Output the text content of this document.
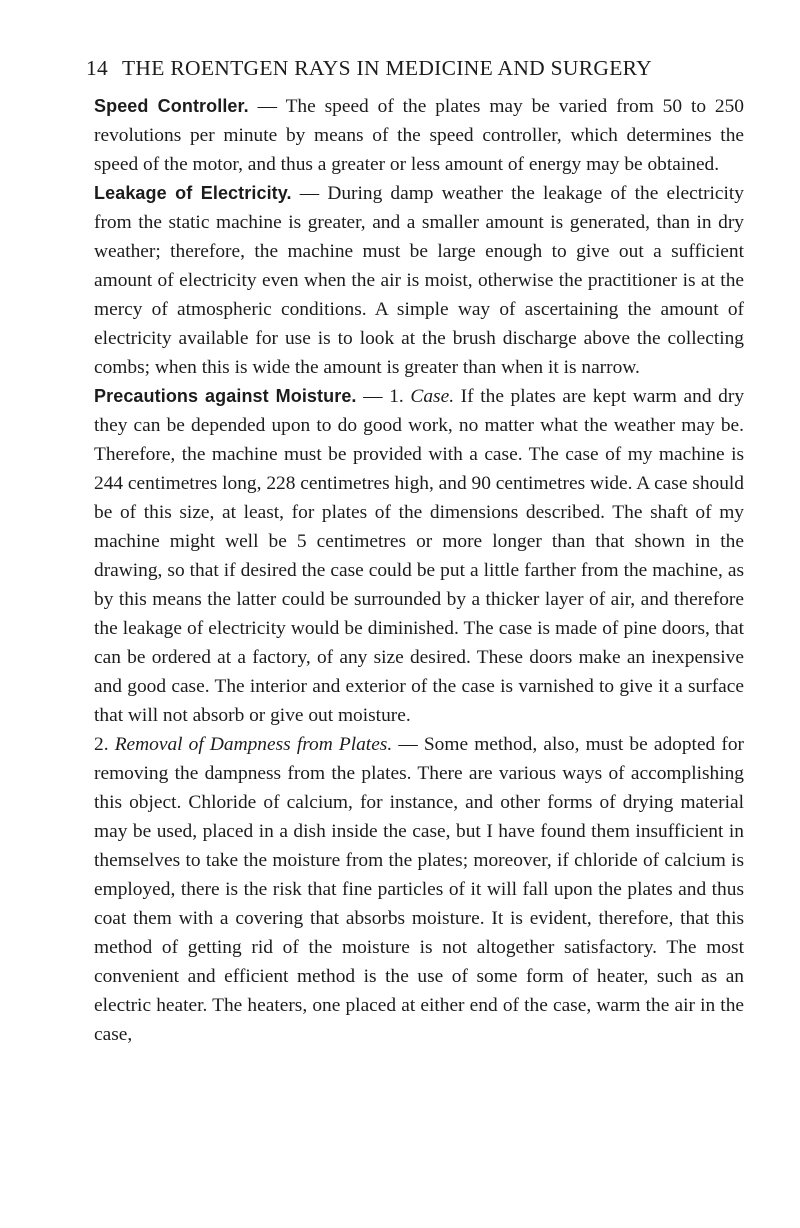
14 THE ROENTGEN RAYS IN MEDICINE AND SURGERY

Speed Controller. — The speed of the plates may be varied from 50 to 250 revolutions per minute by means of the speed controller, which determines the speed of the motor, and thus a greater or less amount of energy may be obtained.

Leakage of Electricity. — During damp weather the leakage of the electricity from the static machine is greater, and a smaller amount is generated, than in dry weather; therefore, the machine must be large enough to give out a sufficient amount of electricity even when the air is moist, otherwise the practitioner is at the mercy of atmospheric conditions. A simple way of ascertaining the amount of electricity available for use is to look at the brush discharge above the collecting combs; when this is wide the amount is greater than when it is narrow.

Precautions against Moisture. — 1. Case. If the plates are kept warm and dry they can be depended upon to do good work, no matter what the weather may be. Therefore, the machine must be provided with a case. The case of my machine is 244 centimetres long, 228 centimetres high, and 90 centimetres wide. A case should be of this size, at least, for plates of the dimensions described. The shaft of my machine might well be 5 centimetres or more longer than that shown in the drawing, so that if desired the case could be put a little farther from the machine, as by this means the latter could be surrounded by a thicker layer of air, and therefore the leakage of electricity would be diminished. The case is made of pine doors, that can be ordered at a factory, of any size desired. These doors make an inexpensive and good case. The interior and exterior of the case is varnished to give it a surface that will not absorb or give out moisture.

2. Removal of Dampness from Plates. — Some method, also, must be adopted for removing the dampness from the plates. There are various ways of accomplishing this object. Chloride of calcium, for instance, and other forms of drying material may be used, placed in a dish inside the case, but I have found them insufficient in themselves to take the moisture from the plates; moreover, if chloride of calcium is employed, there is the risk that fine particles of it will fall upon the plates and thus coat them with a covering that absorbs moisture. It is evident, therefore, that this method of getting rid of the moisture is not altogether satisfactory. The most convenient and efficient method is the use of some form of heater, such as an electric heater. The heaters, one placed at either end of the case, warm the air in the case,
